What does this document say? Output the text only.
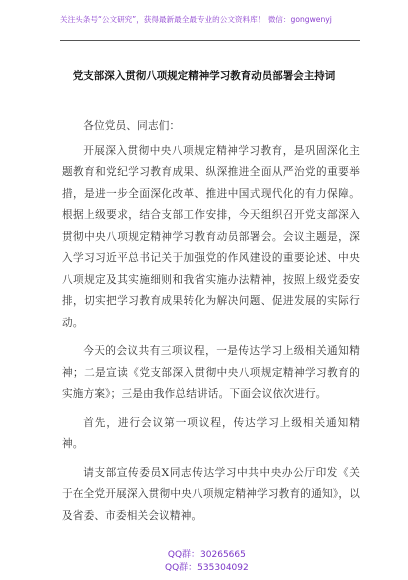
关注头条号“公文研究”，获得最新最全最专业的公文资料库！ 微信：gongwenyj
党支部深入贯彻八项规定精神学习教育动员部署会主持词

各位党员、同志们：

开展深入贯彻中央八项规定精神学习教育，是巩固深化主题教育和党纪学习教育成果、纵深推进全面从严治党的重要举措，是进一步全面深化改革、推进中国式现代化的有力保障。根据上级要求，结合支部工作安排，今天组织召开党支部深入贯彻中央八项规定精神学习教育动员部署会。会议主题是，深入学习习近平总书记关于加强党的作风建设的重要论述、中央八项规定及其实施细则和我省实施办法精神，按照上级党委安排，切实把学习教育成果转化为解决问题、促进发展的实际行动。

今天的会议共有三项议程，一是传达学习上级相关通知精神；二是宣读《党支部深入贯彻中央八项规定精神学习教育的实施方案》；三是由我作总结讲话。下面会议依次进行。

首先，进行会议第一项议程，传达学习上级相关通知精神。

请支部宣传委员X同志传达学习中共中央办公厅印发《关于在全党开展深入贯彻中央八项规定精神学习教育的通知》，以及省委、市委相关会议精神。

QQ群：30265665
QQ群：535304092
